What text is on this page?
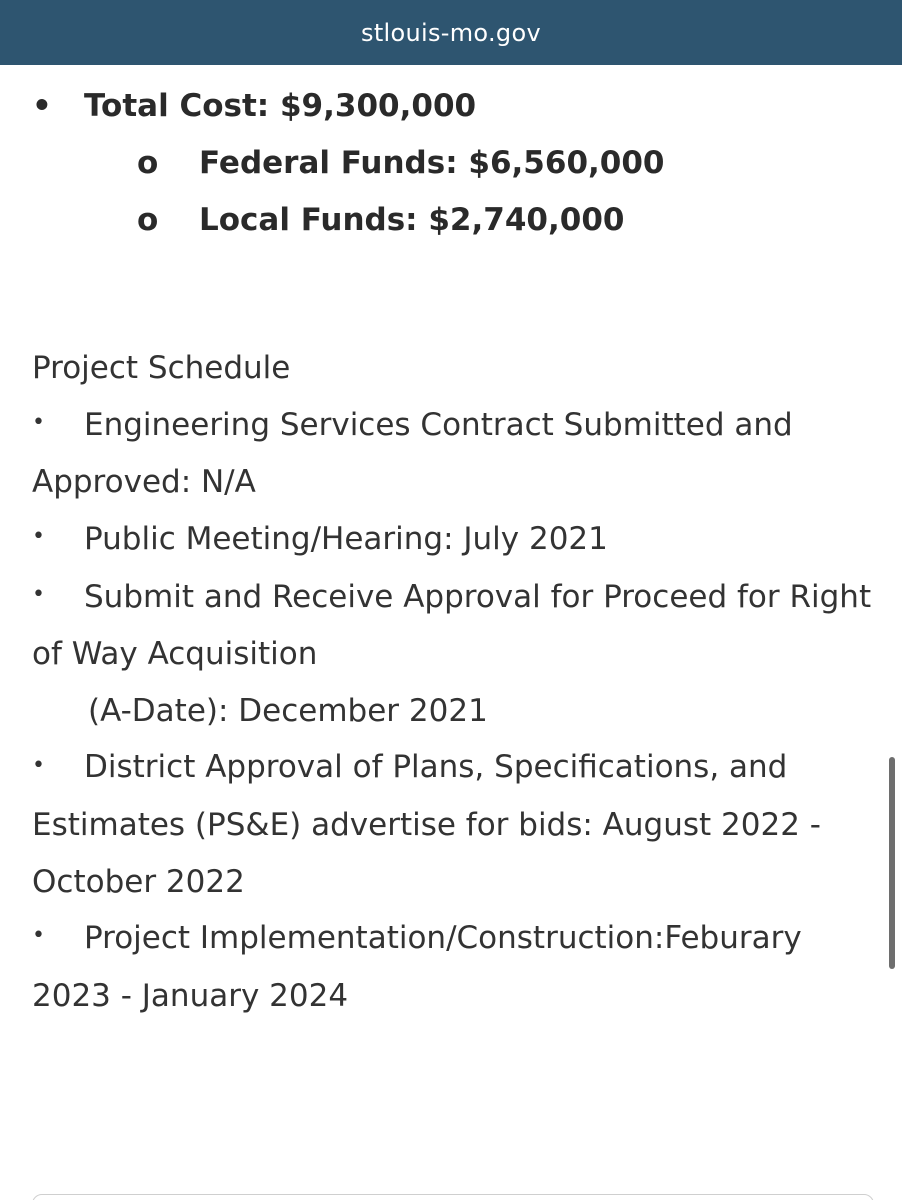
stlouis-mo.gov
• Total Cost: $9,300,000
o Federal Funds: $6,560,000
o Local Funds: $2,740,000

Project Schedule

• Engineering Services Contract Submitted and Approved: N/A

• Public Meeting/Hearing: July 2021

• Submit and Receive Approval for Proceed for Right of Way Acquisition

(A-Date): December 2021

• District Approval of Plans, Specifications, and Estimates (PS&E) advertise for bids: August 2022 - October 2022

• Project Implementation/Construction:Feburary 2023 - January 2024
